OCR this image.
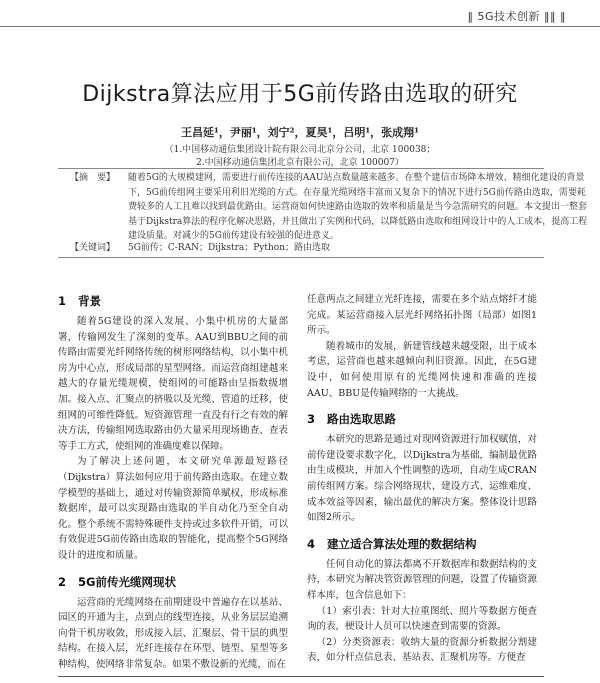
‖ 5G技术创新 ‖‖ ‖
Dijkstra算法应用于5G前传路由选取的研究
王昌延¹，尹丽¹，刘宁²，夏昊¹，吕明¹，张成翔¹
（1.中国移动通信集团设计院有限公司北京分公司，北京 100038；
2.中国移动通信集团北京有限公司，北京 100007）
【摘　要】 随着5G的大规模建网，需要进行前传连接的AAU站点数量越来越多。在整个建信市场降本增效、精细化建设的背景下，5G前传组网主要采用利旧光缆的方式。在存量光缆网络丰富而又复杂下的情况下进行5G前传路由选取，需要耗费较多的人工且难以找到最优路由。运营商如何快速路由选取的效率和质量是当今急需研究的问题。本文提出一整套基于Dijkstra算法的程序化解决思路，并且做出了实例和代码，以降低路由选取和组网设计中的人工成本，提高工程建设质量。对减少的5G前传建设有较强的促进意义。
【关键词】 5G前传；C-RAN；Dijkstra；Python；路由选取
1 背景

随着5G建设的深入发展、小集中机房的大量部署，传输网发生了深刻的变革。AAU到BBU之间的前传路由需要光纤网络传统的树形网络结构，以小集中机房为中心点，形成局部的星型网络。而运营商组建越来越大的存量光缆规模，使组网的可能路由呈指数级增加。接入点、汇聚点的挤吸以及光缆、管道的迁移，使组网的可维性降低。短资源管理一直没有行之有效的解决方法，传输组网选取路由仍大量采用现场勘查、查表等手工方式，使组网的准确度难以保障。

为了解决上述问题，本文研究单源最短路径（Dijkstra）算法如何应用于前传路由选取。在建立数学模型的基础上，通过对传输资源简单赋权，形成标准数据库，最可以实现路由选取的半自动化乃至全自动化。整个系统不需特殊硬件支持或过多软件开销，可以有效促进5G前传路由选取的智能化，提高整个5G网络设计的进度和质量。

2 5G前传光缆网现状

运营商的光缆网络在前期建设中普遍存在以基站、园区的开通为主，点到点的线型连接，从业务层层追溯向骨干机房收敛，形成接入层、汇聚层、骨干层的典型结构。在接入层，光纤连接存在环型、链型、星型等多种结构，使网络非常复杂。如果不敷设新的光缆，而在

任意两点之间建立光纤连接，需要在多个站点熔纤才能完成。某运营商接入层光纤网络拓扑图（局部）如图1所示。

随着城市的发展，新建管线越来越受限，出于成本考虑，运营商也越来越倾向利旧资源。因此，在5G建设中，如何使用原有的光缆网快速和准确的连接AAU、BBU是传输网络的一大挑战。

3 路由选取思路

本研究的思路是通过对现网资源进行加权赋值，对前传建设要求数字化，以Dijkstra为基础，编制最优路由生成模块，并加入个性调整的选项，自动生成CRAN前传组网方案。综合网络现状、建设方式、运维难度、成本效益等因素，输出最优的解决方案。整体设计思路如图2所示。

4 建立适合算法处理的数据结构

任何自动化的算法都离不开数据库和数据结构的支持，本研究为解决管资源管理的问题，设置了传输资源样本库，包含信息如下：

（1）索引表：针对大拉重图纸、照片等数据方便查询的表，梗设计人员可以快速查到需要的资源。

（2）分类资源表：收纳大量的资源分析数据分割建表，如分杆点信息表、基站表、汇聚机房等。方便查
